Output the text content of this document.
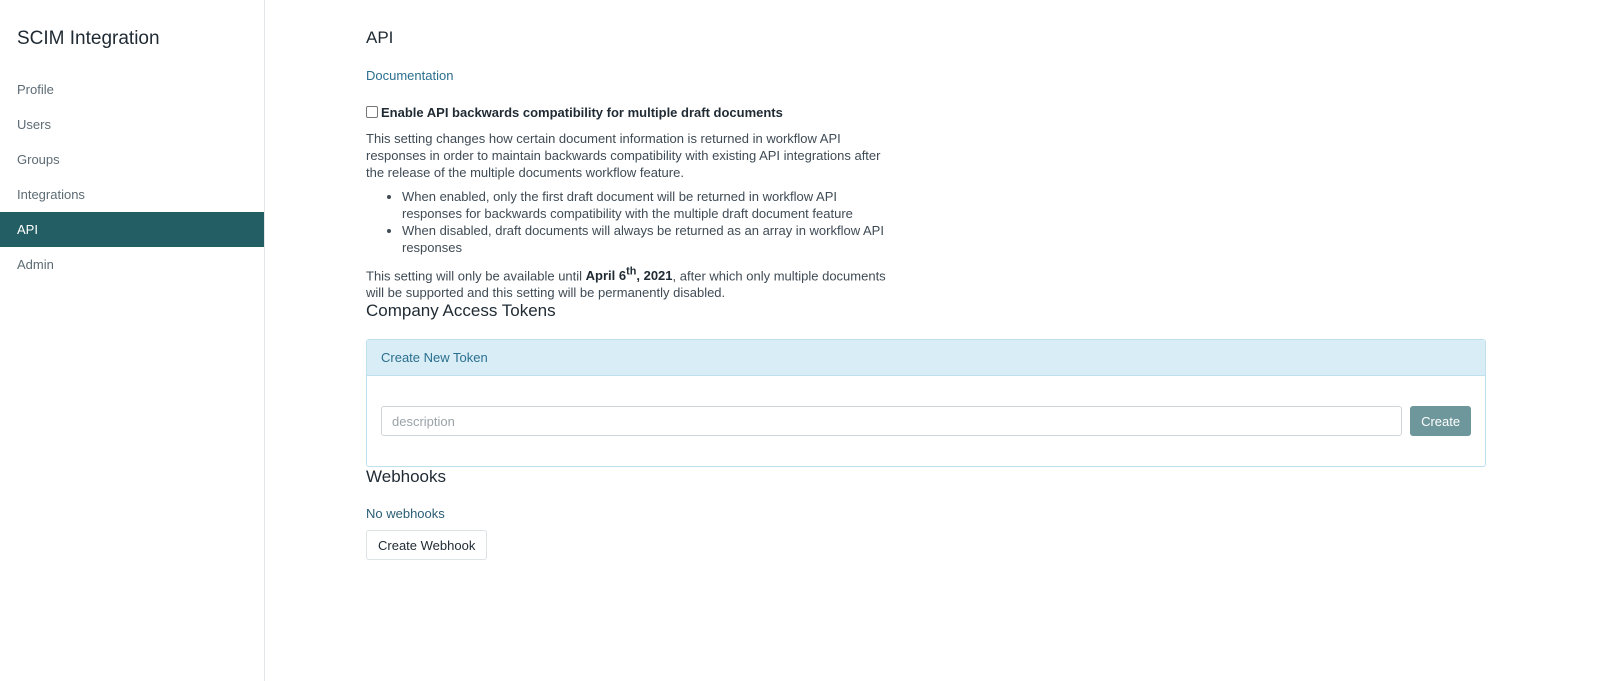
SCIM Integration
Profile
Users
Groups
Integrations
API
Admin
API
Documentation
Enable API backwards compatibility for multiple draft documents

This setting changes how certain document information is returned in workflow API responses in order to maintain backwards compatibility with existing API integrations after the release of the multiple documents workflow feature.

• When enabled, only the first draft document will be returned in workflow API responses for backwards compatibility with the multiple draft document feature
• When disabled, draft documents will always be returned as an array in workflow API responses

This setting will only be available until April 6th, 2021, after which only multiple documents will be supported and this setting will be permanently disabled.

Company Access Tokens
Create New Token
description
Create
Webhooks
No webhooks
Create Webhook
